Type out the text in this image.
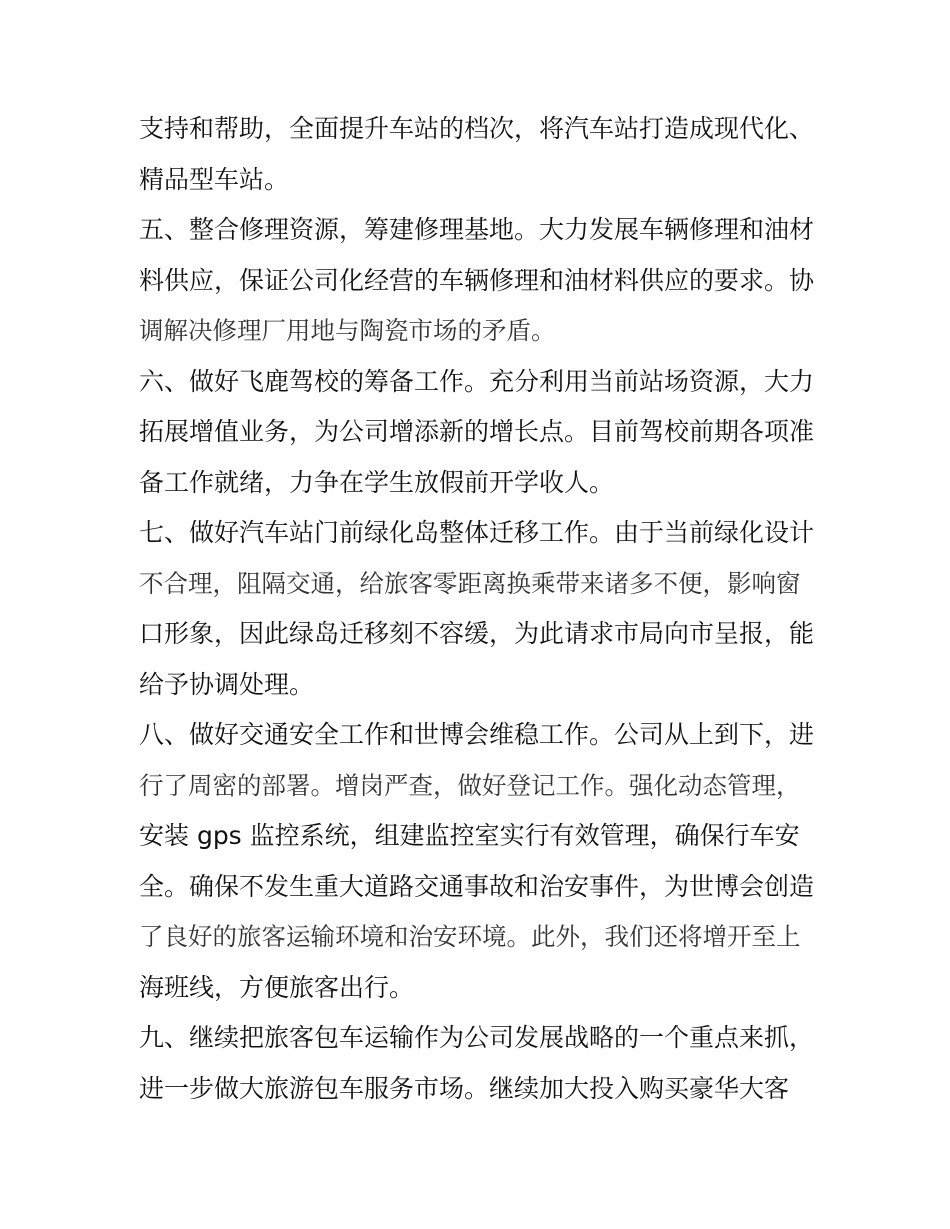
支持和帮助，全面提升车站的档次，将汽车站打造成现代化、
精品型车站。
五、整合修理资源，筹建修理基地。大力发展车辆修理和油材
料供应，保证公司化经营的车辆修理和油材料供应的要求。协
调解决修理厂用地与陶瓷市场的矛盾。
六、做好飞鹿驾校的筹备工作。充分利用当前站场资源，大力
拓展增值业务，为公司增添新的增长点。目前驾校前期各项准
备工作就绪，力争在学生放假前开学收人。
七、做好汽车站门前绿化岛整体迁移工作。由于当前绿化设计
不合理，阻隔交通，给旅客零距离换乘带来诸多不便，影响窗
口形象，因此绿岛迁移刻不容缓，为此请求市局向市呈报，能
给予协调处理。
八、做好交通安全工作和世博会维稳工作。公司从上到下，进
行了周密的部署。增岗严查，做好登记工作。强化动态管理，
安装 gps 监控系统，组建监控室实行有效管理，确保行车安
全。确保不发生重大道路交通事故和治安事件，为世博会创造
了良好的旅客运输环境和治安环境。此外，我们还将增开至上
海班线，方便旅客出行。
九、继续把旅客包车运输作为公司发展战略的一个重点来抓，
进一步做大旅游包车服务市场。继续加大投入购买豪华大客
